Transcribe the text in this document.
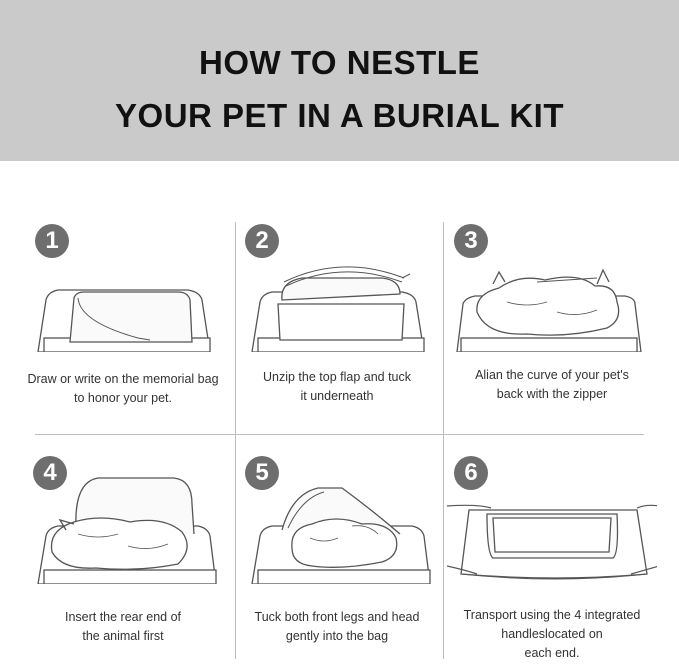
HOW TO NESTLE
YOUR PET IN A BURIAL KIT
1
Draw or write on the memorial bag
to honor your pet.
2
Unzip the top flap and tuck
it underneath
3
Alian the curve of your pet's
back with the zipper
4
Insert the rear end of
the animal first
5
Tuck both front legs and head
gently into the bag
6
Transport using the 4 integrated
handleslocated on
each end.
